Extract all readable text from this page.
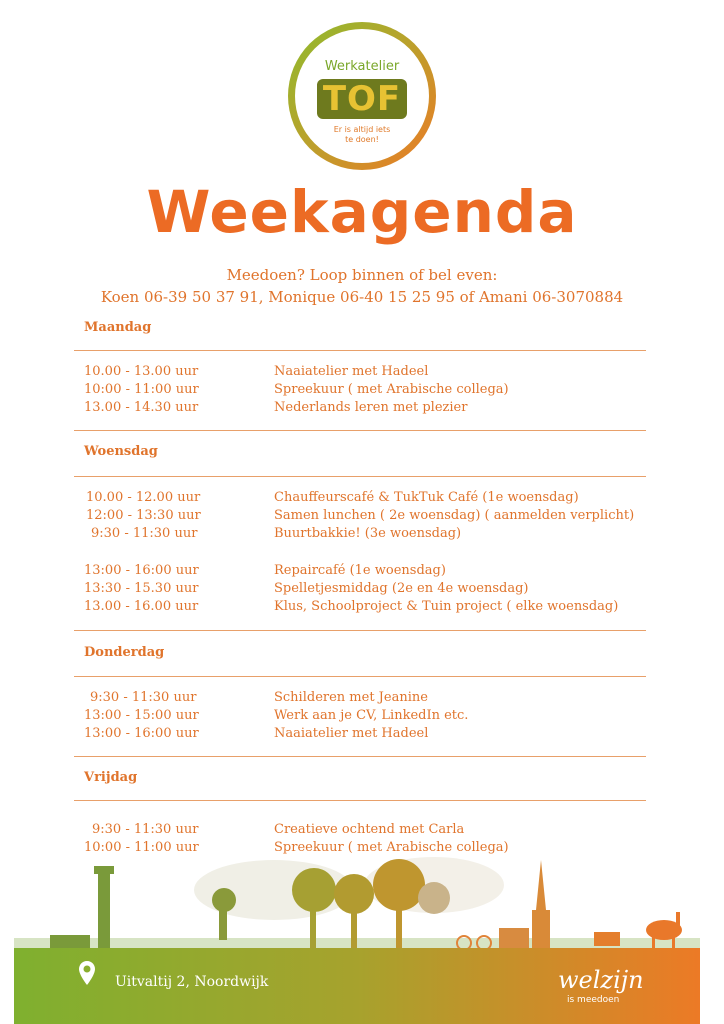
Werkatelier
TOF
Er is altijd iets
te doen!
Weekagenda
Meedoen? Loop binnen of bel even:
Koen 06-39 50 37 91, Monique 06-40 15 25 95 of Amani 06-3070884
Maandag
10.00 - 13.00 uur	Naaiatelier met Hadeel
10:00 - 11:00 uur	Spreekuur ( met Arabische collega)
13.00 - 14.30 uur	Nederlands leren met plezier
Woensdag
10.00 - 12.00 uur	Chauffeurscafé & TukTuk Café (1e woensdag)
12:00 - 13:30 uur	Samen lunchen ( 2e woensdag) ( aanmelden verplicht)
9:30 - 11:30 uur	Buurtbakkie! (3e woensdag)
13:00 - 16:00 uur	Repaircafé (1e woensdag)
13:30 - 15.30 uur	Spelletjesmiddag (2e en 4e woensdag)
13.00 - 16.00 uur	Klus, Schoolproject & Tuin project ( elke woensdag)
Donderdag
9:30 - 11:30 uur	Schilderen met Jeanine
13:00 - 15:00 uur	Werk aan je CV, LinkedIn etc.
13:00 - 16:00 uur	Naaiatelier met Hadeel
Vrijdag
9:30 - 11:30 uur	Creatieve ochtend met Carla
10:00 - 11:00 uur	Spreekuur ( met Arabische collega)
Uitvaltij 2, Noordwijk	welzijn
is meedoen
